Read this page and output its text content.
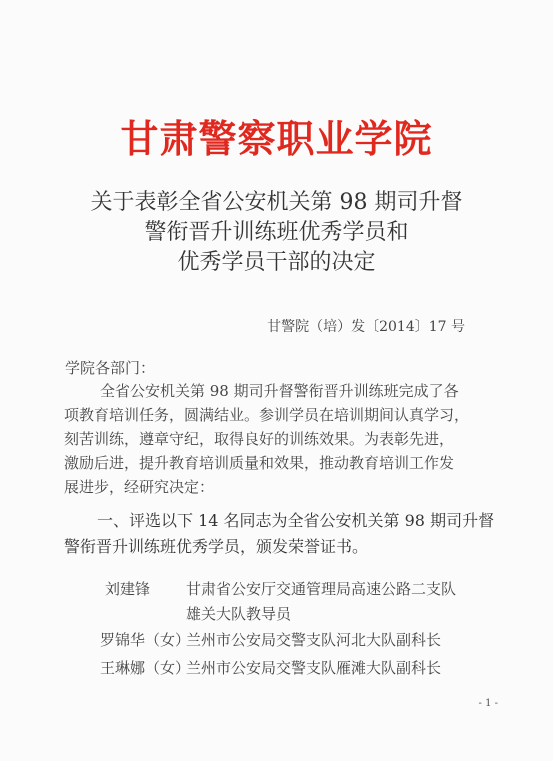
甘肃警察职业学院
关于表彰全省公安机关第 98 期司升督
警衔晋升训练班优秀学员和
优秀学员干部的决定
甘警院（培）发〔2014〕17 号
学院各部门：
全省公安机关第 98 期司升督警衔晋升训练班完成了各
项教育培训任务，圆满结业。参训学员在培训期间认真学习，
刻苦训练，遵章守纪，取得良好的训练效果。为表彰先进，
激励后进，提升教育培训质量和效果，推动教育培训工作发
展进步，经研究决定：
一、评选以下 14 名同志为全省公安机关第 98 期司升督
警衔晋升训练班优秀学员，颁发荣誉证书。
刘建锋 甘肃省公安厅交通管理局高速公路二支队
雄关大队教导员
罗锦华（女）
兰州市公安局交警支队河北大队副科长
王琳娜（女）
兰州市公安局交警支队雁滩大队副科长
- 1 -
